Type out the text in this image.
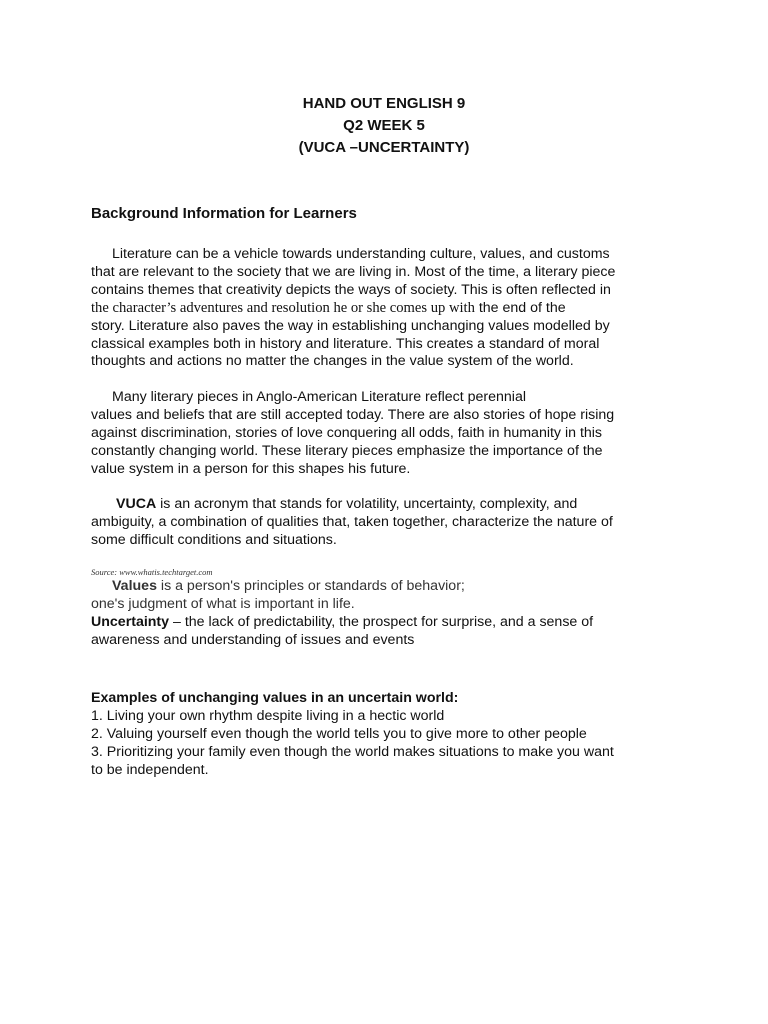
HAND OUT ENGLISH 9
Q2 WEEK 5
(VUCA –UNCERTAINTY)
Background Information for Learners
Literature can be a vehicle towards understanding culture, values, and customs
that are relevant to the society that we are living in. Most of the time, a literary piece
contains themes that creativity depicts the ways of society. This is often reflected in
the character’s adventures and resolution he or she comes up with the end of the
story. Literature also paves the way in establishing unchanging values modelled by
classical examples both in history and literature. This creates a standard of moral
thoughts and actions no matter the changes in the value system of the world.
Many literary pieces in Anglo-American Literature reflect perennial
values and beliefs that are still accepted today. There are also stories of hope rising
against discrimination, stories of love conquering all odds, faith in humanity in this
constantly changing world. These literary pieces emphasize the importance of the
value system in a person for this shapes his future.
VUCA is an acronym that stands for volatility, uncertainty, complexity, and
ambiguity, a combination of qualities that, taken together, characterize the nature of
some difficult conditions and situations.
Source: www.whatis.techtarget.com
Values is a person's principles or standards of behavior;
one's judgment of what is important in life.
Uncertainty – the lack of predictability, the prospect for surprise, and a sense of
awareness and understanding of issues and events
Examples of unchanging values in an uncertain world:
1. Living your own rhythm despite living in a hectic world
2. Valuing yourself even though the world tells you to give more to other people
3. Prioritizing your family even though the world makes situations to make you want
to be independent.
